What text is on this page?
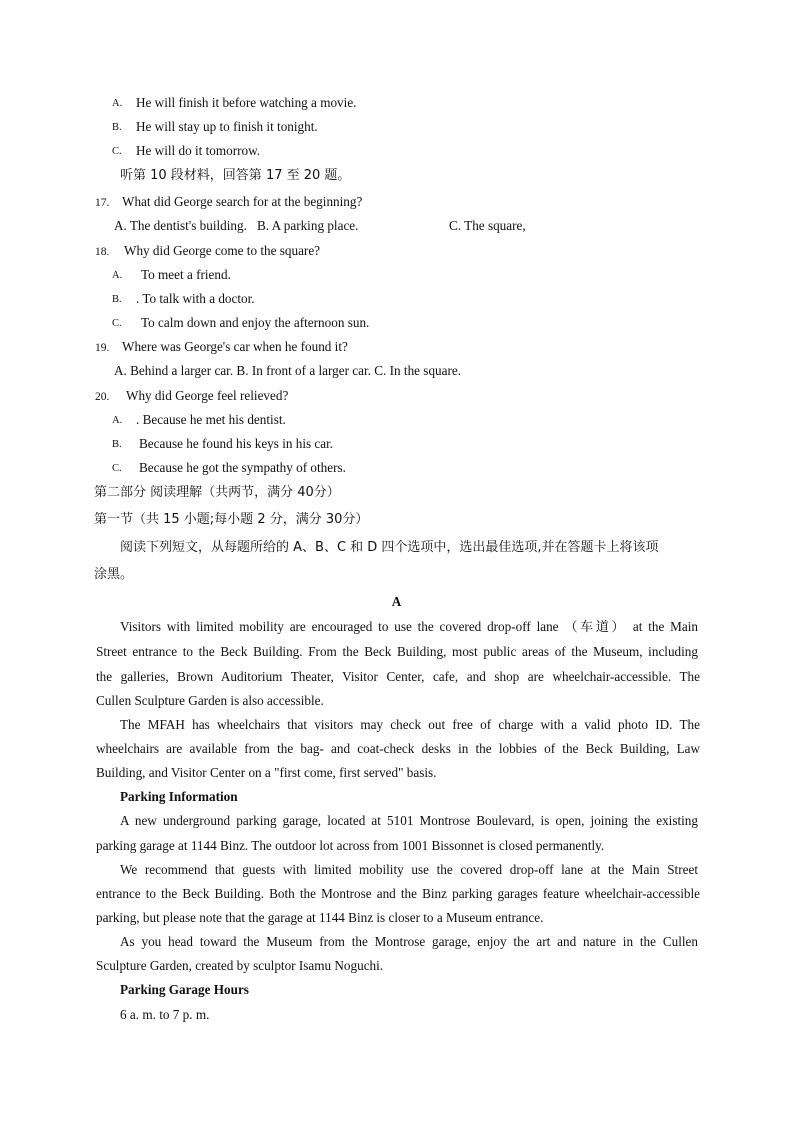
A. He will finish it before watching a movie.
B. He will stay up to finish it tonight.
C. He will do it tomorrow.
听第 10 段材料，回答第 17 至 20 题。
17. What did George search for at the beginning?
A. The dentist's building. B. A parking place.	C. The square,
18. Why did George come to the square?
A. To meet a friend.
B. . To talk with a doctor.
C. To calm down and enjoy the afternoon sun.
19. Where was George's car when he found it?
A. Behind a larger car. B. In front of a larger car. C. In the square.
20. Why did George feel relieved?
A. . Because he met his dentist.
B. Because he found his keys in his car.
C. Because he got the sympathy of others.
第二部分 阅读理解（共两节，满分 40分）
第一节（共 15 小题;每小题 2 分，满分 30分）
阅读下列短文，从每题所给的 A、B、C 和 D 四个选项中，选出最佳选项,并在答题卡上将该项
涂黑。
A
Visitors with limited mobility are encouraged to use the covered drop-off lane （车道） at the Main
Street entrance to the Beck Building. From the Beck Building, most public areas of the Museum, including
the galleries, Brown Auditorium Theater, Visitor Center, cafe, and shop are wheelchair-accessible. The
Cullen Sculpture Garden is also accessible.
The MFAH has wheelchairs that visitors may check out free of charge with a valid photo ID. The
wheelchairs are available from the bag- and coat-check desks in the lobbies of the Beck Building, Law
Building, and Visitor Center on a "first come, first served" basis.
Parking Information
A new underground parking garage, located at 5101 Montrose Boulevard, is open, joining the existing
parking garage at 1144 Binz. The outdoor lot across from 1001 Bissonnet is closed permanently.
We recommend that guests with limited mobility use the covered drop-off lane at the Main Street
entrance to the Beck Building. Both the Montrose and the Binz parking garages feature wheelchair-accessible
parking, but please note that the garage at 1144 Binz is closer to a Museum entrance.
As you head toward the Museum from the Montrose garage, enjoy the art and nature in the Cullen
Sculpture Garden, created by sculptor Isamu Noguchi.
Parking Garage Hours
6 a. m. to 7 p. m.
